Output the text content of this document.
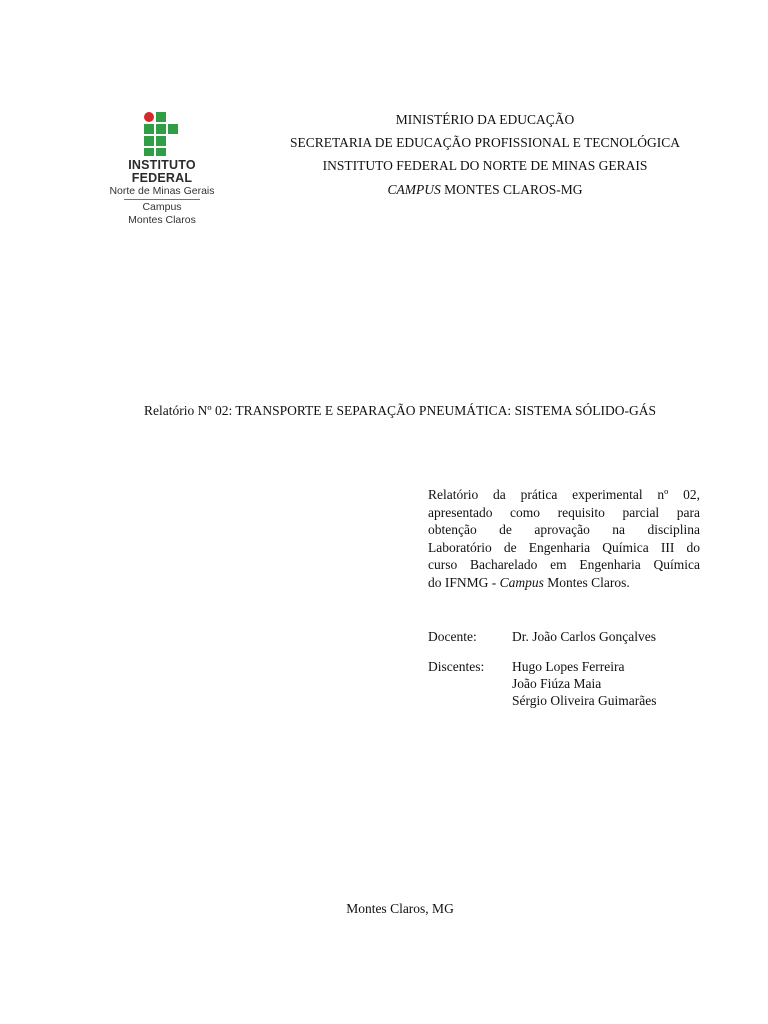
INSTITUTO
FEDERAL
Norte de Minas Gerais
Campus
Montes Claros
MINISTÉRIO DA EDUCAÇÃO
SECRETARIA DE EDUCAÇÃO PROFISSIONAL E TECNOLÓGICA
INSTITUTO FEDERAL DO NORTE DE MINAS GERAIS
CAMPUS MONTES CLAROS-MG
Relatório Nº 02: TRANSPORTE E SEPARAÇÃO PNEUMÁTICA: SISTEMA SÓLIDO-GÁS
Relatório da prática experimental nº 02,
apresentado como requisito parcial para
obtenção de aprovação na disciplina
Laboratório de Engenharia Química III do
curso Bacharelado em Engenharia Química
do IFNMG - Campus Montes Claros.
Docente:	Dr. João Carlos Gonçalves
Discentes: Hugo Lopes Ferreira
João Fiúza Maia
Sérgio Oliveira Guimarães
Montes Claros, MG
